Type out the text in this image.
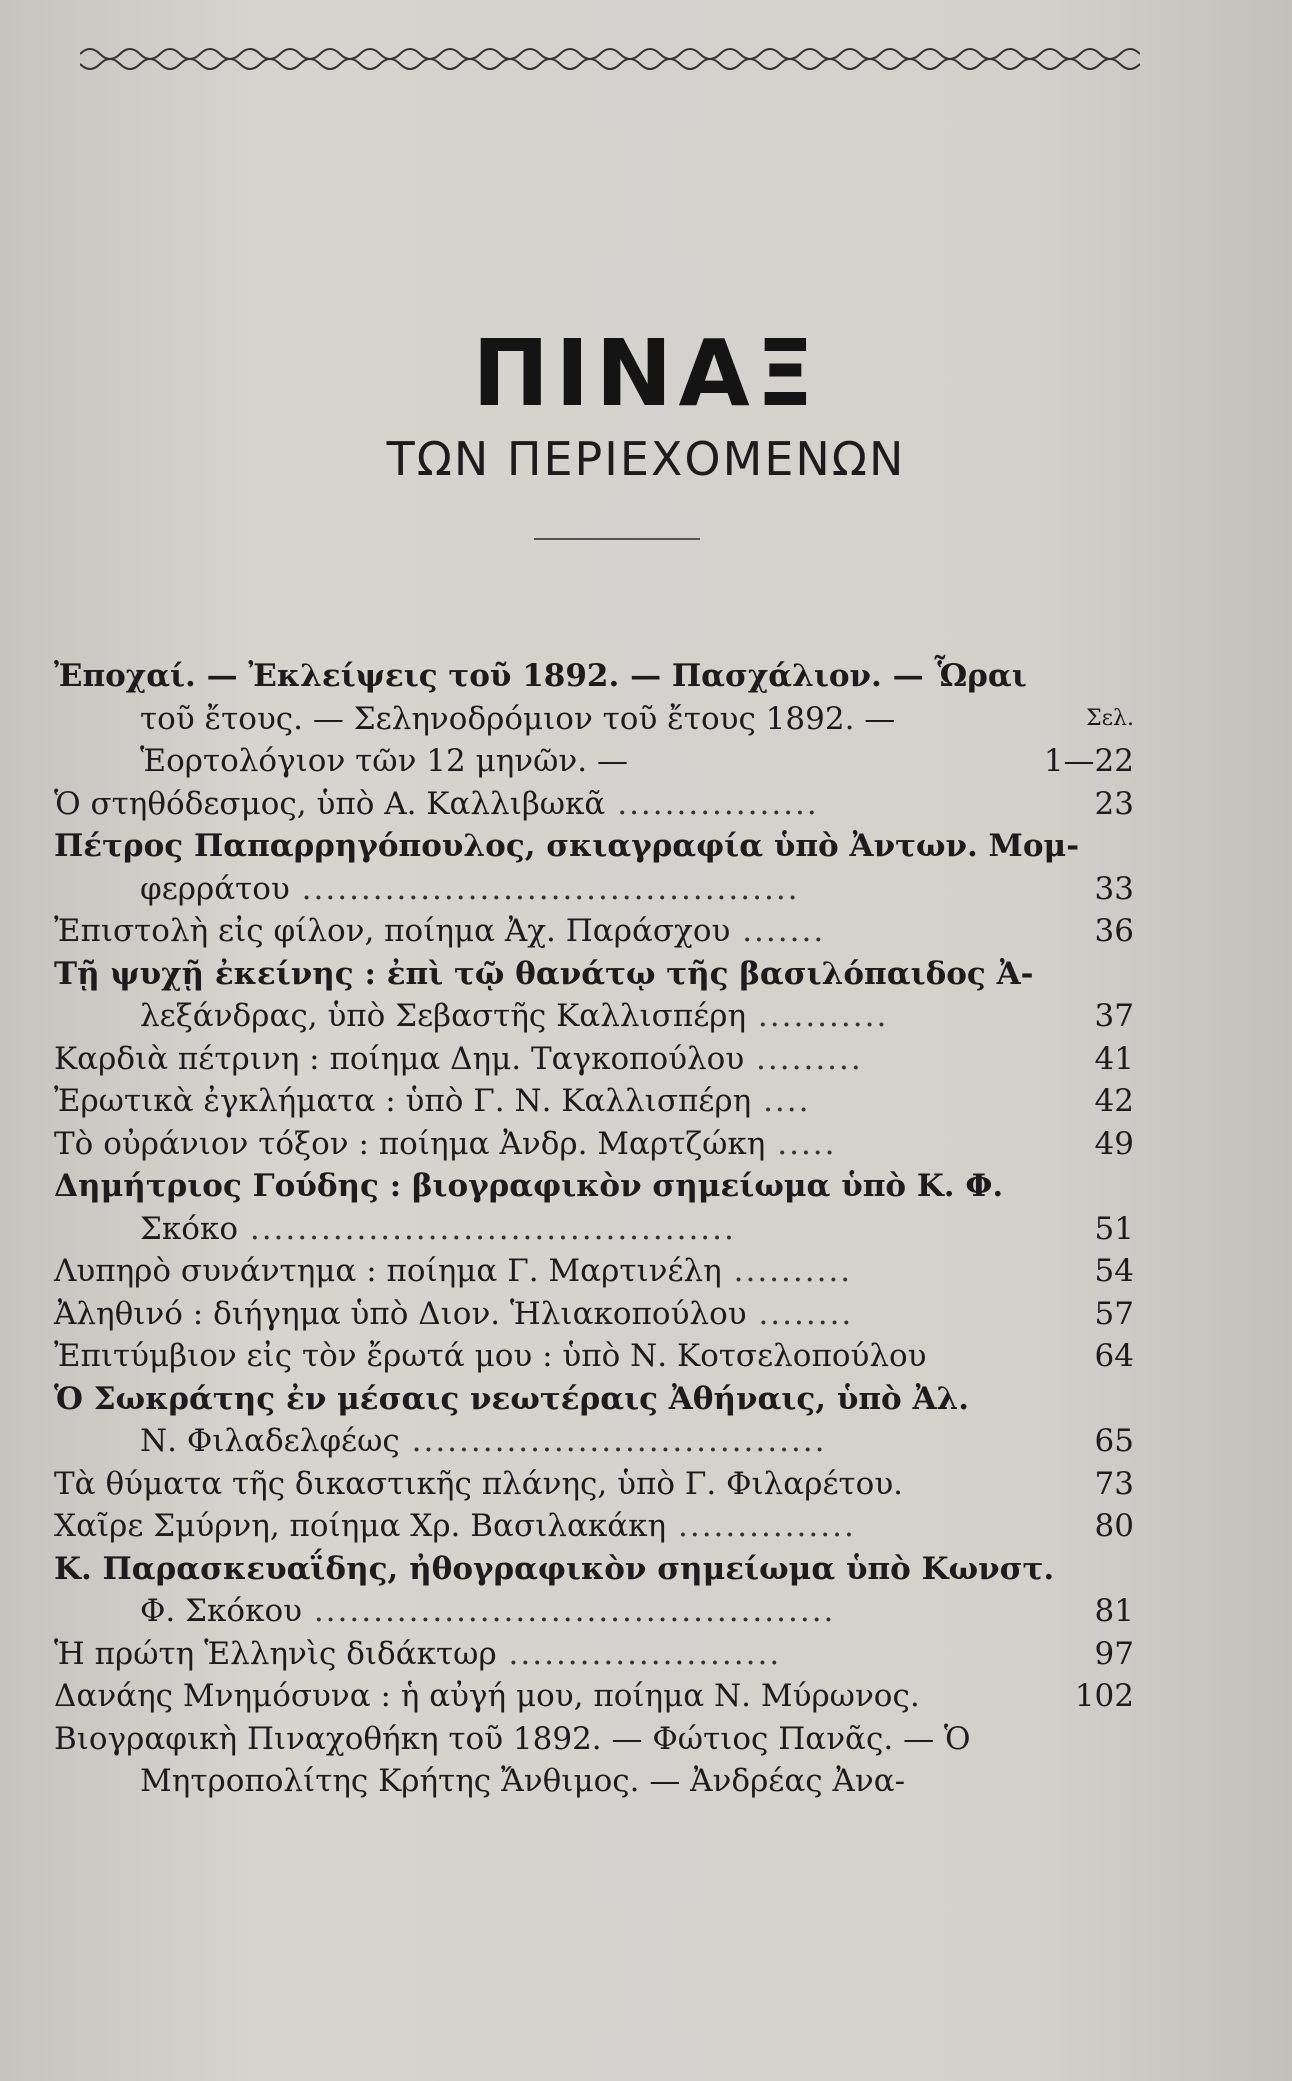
ΠΙΝΑΞ
ΤΩΝ ΠΕΡΙΕΧΟΜΕΝΩΝ
Ἐποχαί. — Ἐκλείψεις τοῦ 1892. — Πασχάλιον. — Ὧραι
τοῦ ἔτους. — Σεληνοδρόμιον τοῦ ἔτους 1892. —	Σελ.
Ἑορτολόγιον τῶν 12 μηνῶν. —	1—22
Ὁ στηθόδεσμος, ὑπὸ Α. Καλλιβωκᾶ .................	23
Πέτρος Παπαρρηγόπουλος, σκιαγραφία ὑπὸ Ἀντων. Μομ-
φερράτου ..........................................	33
Ἐπιστολὴ εἰς φίλον, ποίημα Ἀχ. Παράσχου .......	36
Τῇ ψυχῇ ἐκείνης : ἐπὶ τῷ θανάτῳ τῆς βασιλόπαιδος Ἀ-
λεξάνδρας, ὑπὸ Σεβαστῆς Καλλισπέρη ...........	37
Καρδιὰ πέτρινη : ποίημα Δημ. Ταγκοπούλου .........	41
Ἐρωτικὰ ἐγκλήματα : ὑπὸ Γ. Ν. Καλλισπέρη ....	42
Τὸ οὐράνιον τόξον : ποίημα Ἀνδρ. Μαρτζώκη .....	49
Δημήτριος Γούδης : βιογραφικὸν σημείωμα ὑπὸ Κ. Φ.
Σκόκο .........................................	51
Λυπηρὸ συνάντημα : ποίημα Γ. Μαρτινέλη ..........	54
Ἀληθινό : διήγημα ὑπὸ Διον. Ἡλιακοπούλου ........	57
Ἐπιτύμβιον εἰς τὸν ἔρωτά μου : ὑπὸ Ν. Κοτσελοπούλου	64
Ὁ Σωκράτης ἐν μέσαις νεωτέραις Ἀθήναις, ὑπὸ Ἀλ.
Ν. Φιλαδελφέως ...................................	65
Τὰ θύματα τῆς δικαστικῆς πλάνης, ὑπὸ Γ. Φιλαρέτου.	73
Χαῖρε Σμύρνη, ποίημα Χρ. Βασιλακάκη ...............	80
Κ. Παρασκευαΐδης, ἠθογραφικὸν σημείωμα ὑπὸ Κωνστ.
Φ. Σκόκου ............................................	81
Ἡ πρώτη Ἑλληνὶς διδάκτωρ .......................	97
Δανάης Μνημόσυνα : ἡ αὐγή μου, ποίημα Ν. Μύρωνος.	102
Βιογραφικὴ Πιναχοθήκη τοῦ 1892. — Φώτιος Πανᾶς. — Ὁ
Μητροπολίτης Κρήτης Ἄνθιμος. — Ἀνδρέας Ἀνα-
